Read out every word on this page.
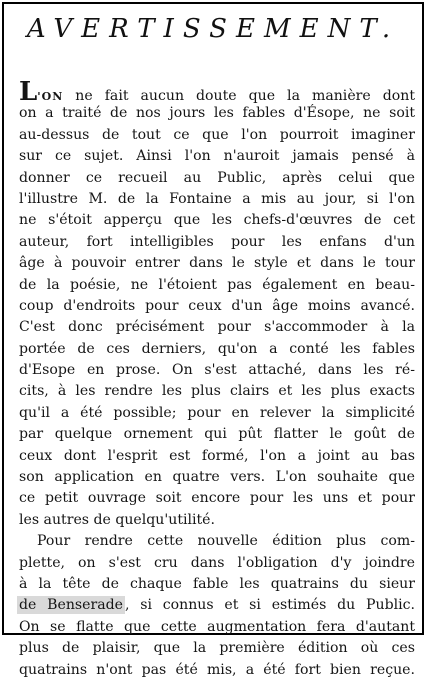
AVERTISSEMENT.
L'ON ne fait aucun doute que la manière dont
on a traité de nos jours les fables d'Ésope, ne soit
au-dessus de tout ce que l'on pourroit imaginer
sur ce sujet. Ainsi l'on n'auroit jamais pensé à
donner ce recueil au Public, après celui que
l'illustre M. de la Fontaine a mis au jour, si l'on
ne s'étoit apperçu que les chefs-d'œuvres de cet
auteur, fort intelligibles pour les enfans d'un
âge à pouvoir entrer dans le style et dans le tour
de la poésie, ne l'étoient pas également en beau-
coup d'endroits pour ceux d'un âge moins avancé.
C'est donc précisément pour s'accommoder à la
portée de ces derniers, qu'on a conté les fables
d'Esope en prose. On s'est attaché, dans les ré-
cits, à les rendre les plus clairs et les plus exacts
qu'il a été possible; pour en relever la simplicité
par quelque ornement qui pût flatter le goût de
ceux dont l'esprit est formé, l'on a joint au bas
son application en quatre vers. L'on souhaite que
ce petit ouvrage soit encore pour les uns et pour
les autres de quelqu'utilité.
Pour rendre cette nouvelle édition plus com-
plette, on s'est cru dans l'obligation d'y joindre
à la tête de chaque fable les quatrains du sieur
de Benserade , si connus et si estimés du Public.
On se flatte que cette augmentation fera d'autant
plus de plaisir, que la première édition où ces
quatrains n'ont pas été mis, a été fort bien reçue.
